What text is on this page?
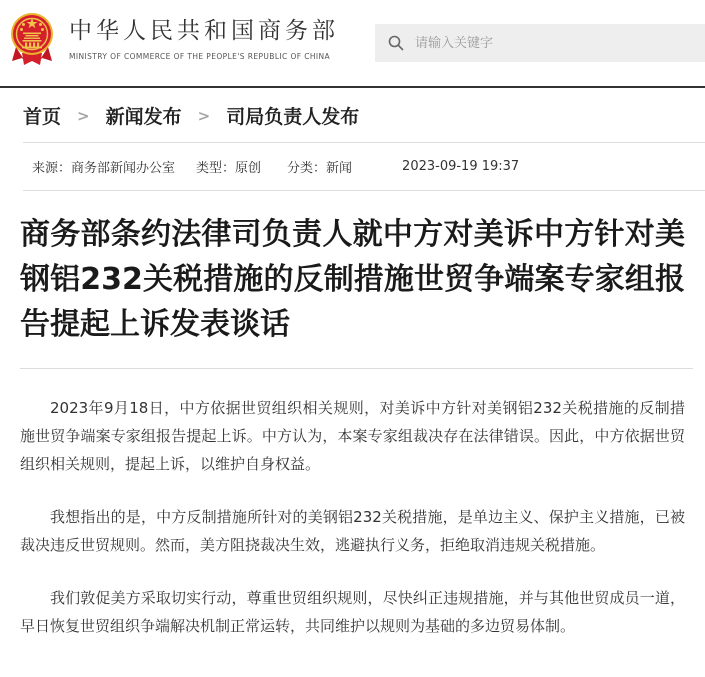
中华人民共和国商务部
MINISTRY OF COMMERCE OF THE PEOPLE'S REPUBLIC OF CHINA
请输入关键字
首页 > 新闻发布 > 司局负责人发布
来源：商务部新闻办公室 类型：原创 分类：新闻	2023-09-19 19:37
商务部条约法律司负责人就中方对美诉中方针对美钢铝232关税措施的反制措施世贸争端案专家组报告提起上诉发表谈话

2023年9月18日，中方依据世贸组织相关规则，对美诉中方针对美钢铝232关税措施的反制措施世贸争端案专家组报告提起上诉。中方认为，本案专家组裁决存在法律错误。因此，中方依据世贸组织相关规则，提起上诉，以维护自身权益。

我想指出的是，中方反制措施所针对的美钢铝232关税措施，是单边主义、保护主义措施，已被裁决违反世贸规则。然而，美方阻挠裁决生效，逃避执行义务，拒绝取消违规关税措施。

我们敦促美方采取切实行动，尊重世贸组织规则，尽快纠正违规措施，并与其他世贸成员一道，早日恢复世贸组织争端解决机制正常运转，共同维护以规则为基础的多边贸易体制。
